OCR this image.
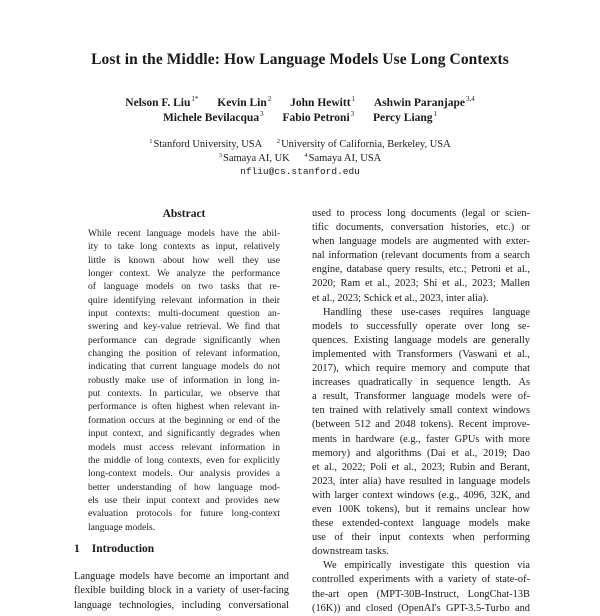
Lost in the Middle: How Language Models Use Long Contexts
Nelson F. Liu$^{1*}$ Kevin Lin$^2$ John Hewitt$^1$ Ashwin Paranjape$^{3,4}$
Michele Bevilacqua$^3$ Fabio Petroni$^3$ Percy Liang$^1$
$^1$Stanford University, USA $^2$University of California, Berkeley, USA
$^3$Samaya AI, UK $^4$Samaya AI, USA
nfliu@cs.stanford.edu
Abstract
While recent language models have the abil-
ity to take long contexts as input, relatively
little is known about how well they use
longer context. We analyze the performance
of language models on two tasks that re-
quire identifying relevant information in their
input contexts: multi-document question an-
swering and key-value retrieval. We find that
performance can degrade significantly when
changing the position of relevant information,
indicating that current language models do not
robustly make use of information in long in-
put contexts. In particular, we observe that
performance is often highest when relevant in-
formation occurs at the beginning or end of the
input context, and significantly degrades when
models must access relevant information in
the middle of long contexts, even for explicitly
long-context models. Our analysis provides a
better understanding of how language mod-
els use their input context and provides new
evaluation protocols for future long-context
language models.
1 Introduction
Language models have become an important and
flexible building block in a variety of user-facing
language technologies, including conversational
used to process long documents (legal or scien-
tific documents, conversation histories, etc.) or
when language models are augmented with exter-
nal information (relevant documents from a search
engine, database query results, etc.; Petroni et al.,
2020; Ram et al., 2023; Shi et al., 2023; Mallen
et al., 2023; Schick et al., 2023, inter alia).
Handling these use-cases requires language
models to successfully operate over long se-
quences. Existing language models are generally
implemented with Transformers (Vaswani et al.,
2017), which require memory and compute that
increases quadratically in sequence length. As
a result, Transformer language models were of-
ten trained with relatively small context windows
(between 512 and 2048 tokens). Recent improve-
ments in hardware (e.g., faster GPUs with more
memory) and algorithms (Dai et al., 2019; Dao
et al., 2022; Poli et al., 2023; Rubin and Berant,
2023, inter alia) have resulted in language models
with larger context windows (e.g., 4096, 32K, and
even 100K tokens), but it remains unclear how
these extended-context language models make
use of their input contexts when performing
downstream tasks.
We empirically investigate this question via
controlled experiments with a variety of state-of-
the-art open (MPT-30B-Instruct, LongChat-13B
(16K)) and closed (OpenAI's GPT-3.5-Turbo and
